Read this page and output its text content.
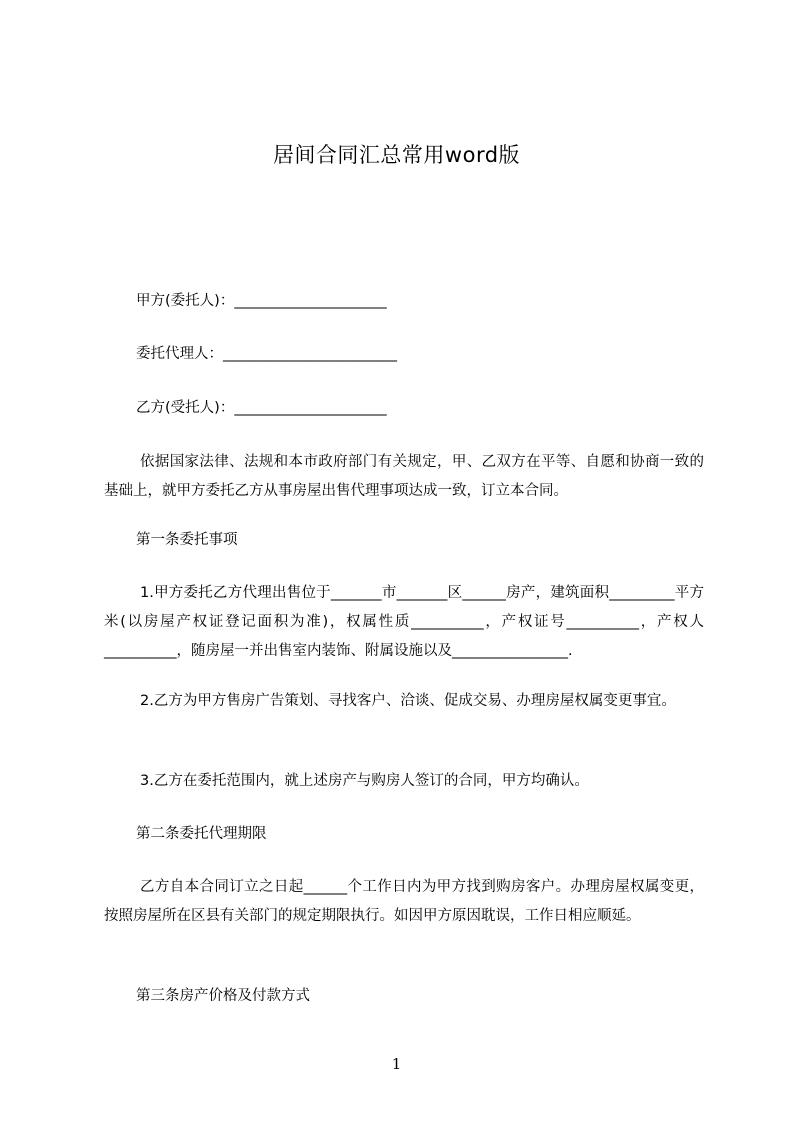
居间合同汇总常用word版
甲方(委托人)：_____________________
委托代理人：________________________
乙方(受托人)：_____________________
依据国家法律、法规和本市政府部门有关规定，甲、乙双方在平等、自愿和协商一致的基础上，就甲方委托乙方从事房屋出售代理事项达成一致，订立本合同。
第一条委托事项
1.甲方委托乙方代理出售位于_______市_______区______房产，建筑面积_________平方米(以房屋产权证登记面积为准)，权属性质__________，产权证号__________，产权人__________，随房屋一并出售室内装饰、附属设施以及________________.
2.乙方为甲方售房广告策划、寻找客户、洽谈、促成交易、办理房屋权属变更事宜。
3.乙方在委托范围内，就上述房产与购房人签订的合同，甲方均确认。
第二条委托代理期限
乙方自本合同订立之日起______个工作日内为甲方找到购房客户。办理房屋权属变更，按照房屋所在区县有关部门的规定期限执行。如因甲方原因耽误，工作日相应顺延。
第三条房产价格及付款方式
1
